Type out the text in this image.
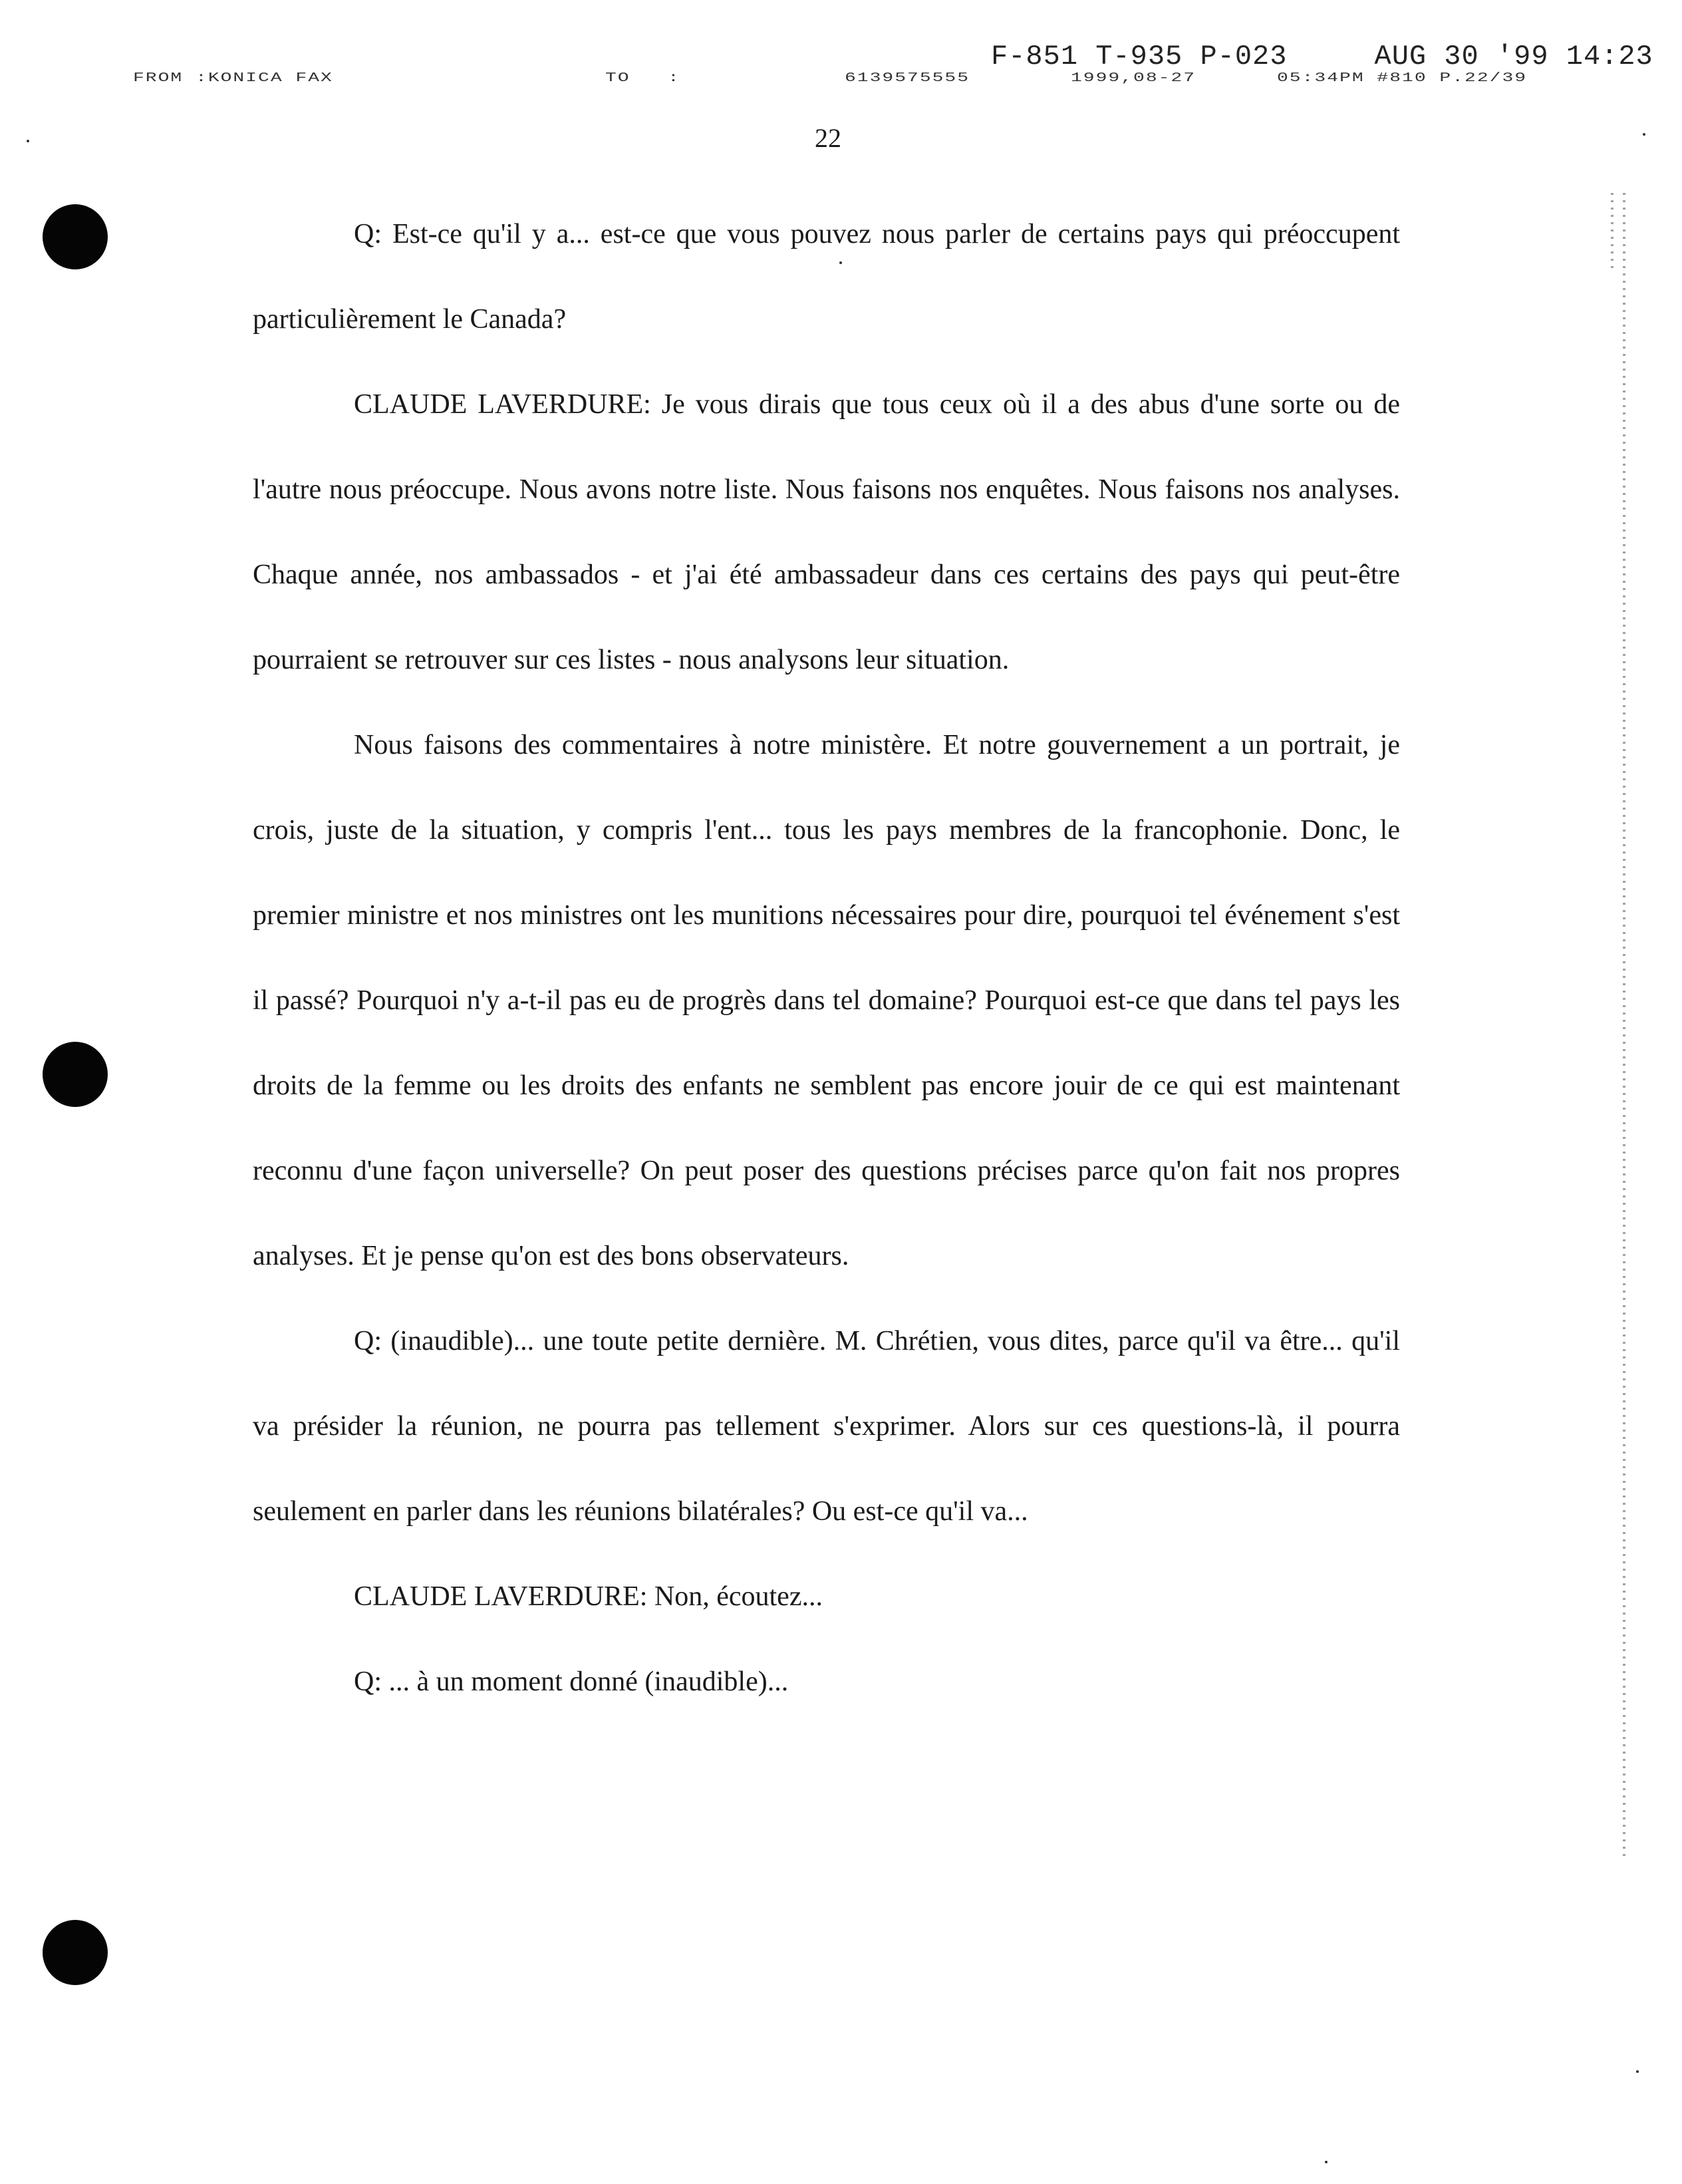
F-851 T-935 P-023     AUG 30 '99 14:23

FROM :KONICA FAX

	TO   :

	6139575555

	1999,08-27

	05:34PM #810 P.22/39

22

Q: Est-ce qu'il y a... est-ce que vous pouvez nous parler de certains pays qui préoccupent particulièrement le Canada?

CLAUDE LAVERDURE: Je vous dirais que tous ceux où il a des abus d'une sorte ou de l'autre nous préoccupe. Nous avons notre liste. Nous faisons nos enquêtes. Nous faisons nos analyses. Chaque année, nos ambassados - et j'ai été ambassadeur dans ces certains des pays qui peut-être pourraient se retrouver sur ces listes - nous analysons leur situation.

Nous faisons des commentaires à notre ministère. Et notre gouvernement a un portrait, je crois, juste de la situation, y compris l'ent... tous les pays membres de la francophonie. Donc, le premier ministre et nos ministres ont les munitions nécessaires pour dire, pourquoi tel événement s'est il passé? Pourquoi n'y a-t-il pas eu de progrès dans tel domaine? Pourquoi est-ce que dans tel pays les droits de la femme ou les droits des enfants ne semblent pas encore jouir de ce qui est maintenant reconnu d'une façon universelle? On peut poser des questions précises parce qu'on fait nos propres analyses. Et je pense qu'on est des bons observateurs.

Q: (inaudible)... une toute petite dernière. M. Chrétien, vous dites, parce qu'il va être... qu'il va présider la réunion, ne pourra pas tellement s'exprimer. Alors sur ces questions-là, il pourra seulement en parler dans les réunions bilatérales? Ou est-ce qu'il va...

CLAUDE LAVERDURE: Non, écoutez...

Q: ... à un moment donné (inaudible)...
